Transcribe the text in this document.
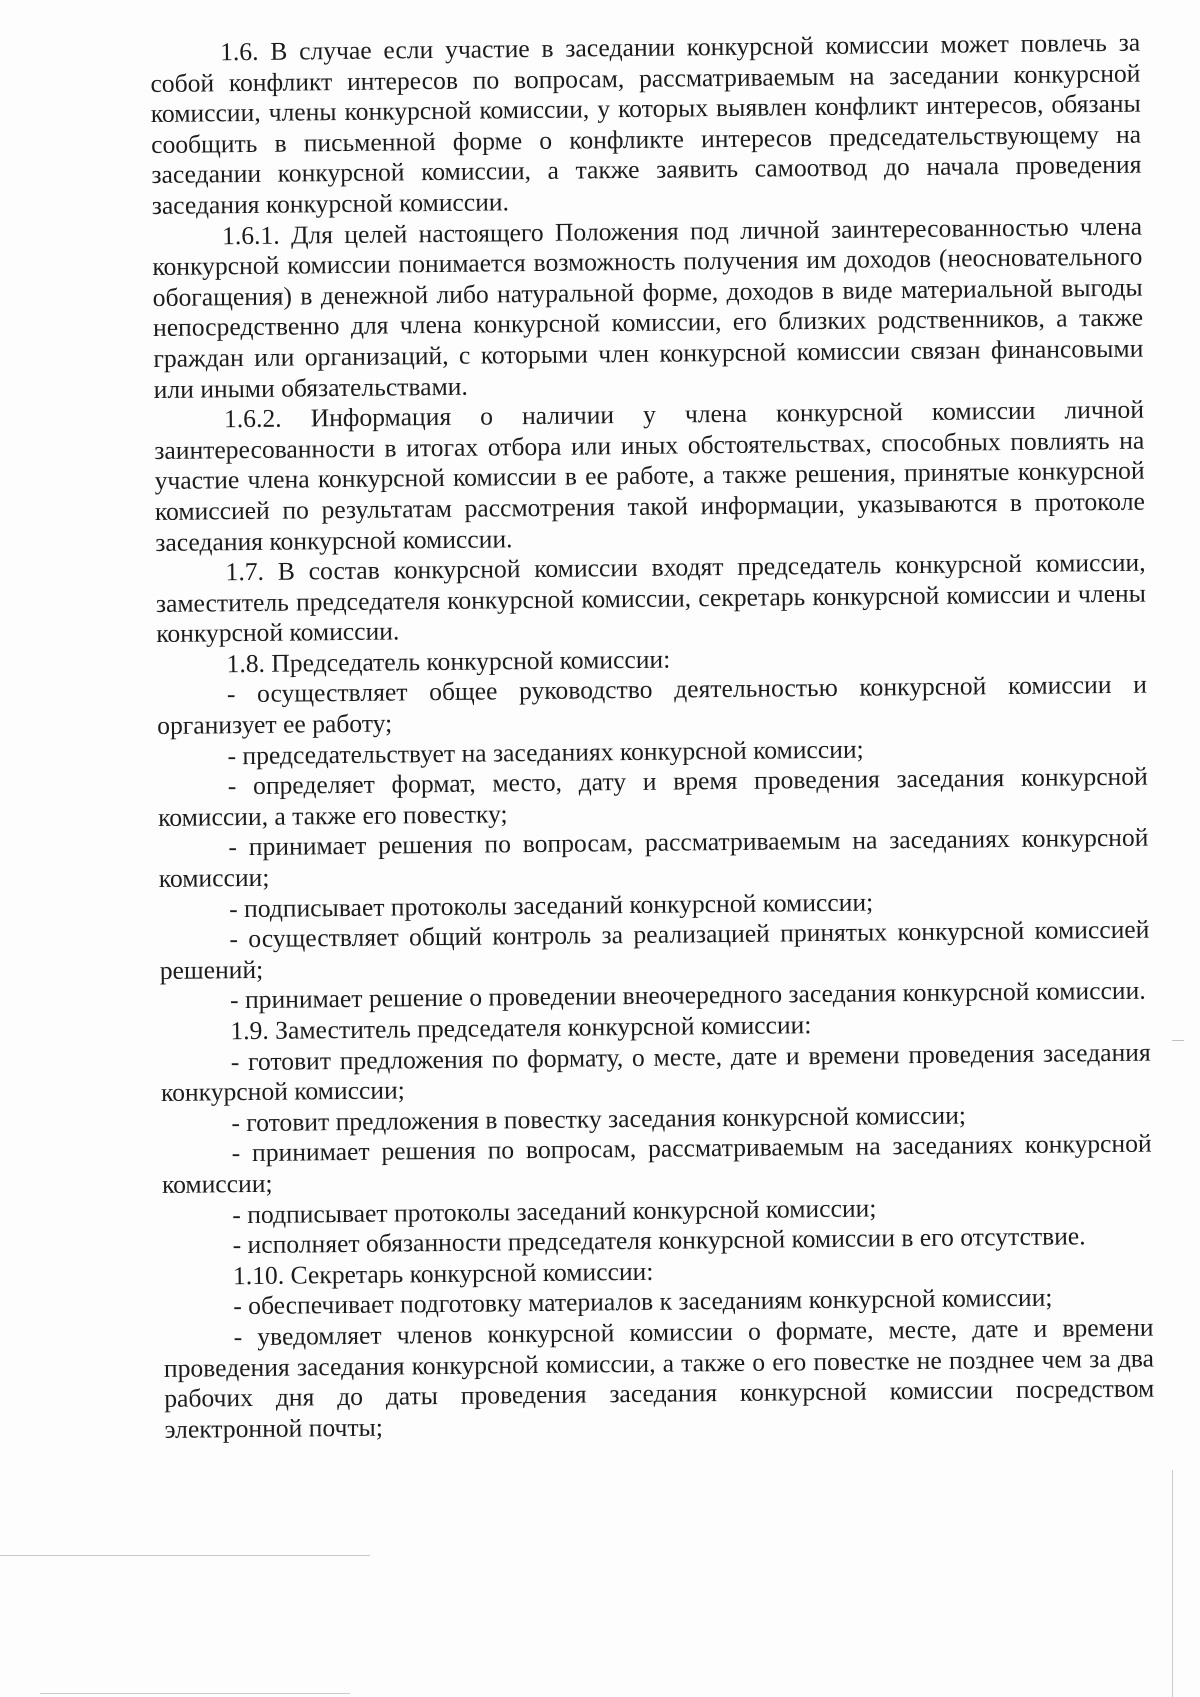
1.6. В случае если участие в заседании конкурсной комиссии может повлечь за собой конфликт интересов по вопросам, рассматриваемым на заседании конкурсной комиссии, члены конкурсной комиссии, у которых выявлен конфликт интересов, обязаны сообщить в письменной форме о конфликте интересов председательствующему на заседании конкурсной комиссии, а также заявить самоотвод до начала проведения заседания конкурсной комиссии.

1.6.1. Для целей настоящего Положения под личной заинтересованностью члена конкурсной комиссии понимается возможность получения им доходов (неосновательного обогащения) в денежной либо натуральной форме, доходов в виде материальной выгоды непосредственно для члена конкурсной комиссии, его близких родственников, а также граждан или организаций, с которыми член конкурсной комиссии связан финансовыми или иными обязательствами.

1.6.2. Информация о наличии у члена конкурсной комиссии личной заинтересованности в итогах отбора или иных обстоятельствах, способных повлиять на участие члена конкурсной комиссии в ее работе, а также решения, принятые конкурсной комиссией по результатам рассмотрения такой информации, указываются в протоколе заседания конкурсной комиссии.

1.7. В состав конкурсной комиссии входят председатель конкурсной комиссии, заместитель председателя конкурсной комиссии, секретарь конкурсной комиссии и члены конкурсной комиссии.

1.8. Председатель конкурсной комиссии:

- осуществляет общее руководство деятельностью конкурсной комиссии и организует ее работу;

- председательствует на заседаниях конкурсной комиссии;

- определяет формат, место, дату и время проведения заседания конкурсной комиссии, а также его повестку;

- принимает решения по вопросам, рассматриваемым на заседаниях конкурсной комиссии;

- подписывает протоколы заседаний конкурсной комиссии;

- осуществляет общий контроль за реализацией принятых конкурсной комиссией решений;

- принимает решение о проведении внеочередного заседания конкурсной комиссии.

1.9. Заместитель председателя конкурсной комиссии:

- готовит предложения по формату, о месте, дате и времени проведения заседания конкурсной комиссии;

- готовит предложения в повестку заседания конкурсной комиссии;

- принимает решения по вопросам, рассматриваемым на заседаниях конкурсной комиссии;

- подписывает протоколы заседаний конкурсной комиссии;

- исполняет обязанности председателя конкурсной комиссии в его отсутствие.

1.10. Секретарь конкурсной комиссии:

- обеспечивает подготовку материалов к заседаниям конкурсной комиссии;

- уведомляет членов конкурсной комиссии о формате, месте, дате и времени проведения заседания конкурсной комиссии, а также о его повестке не позднее чем за два рабочих дня до даты проведения заседания конкурсной комиссии посредством электронной почты;
